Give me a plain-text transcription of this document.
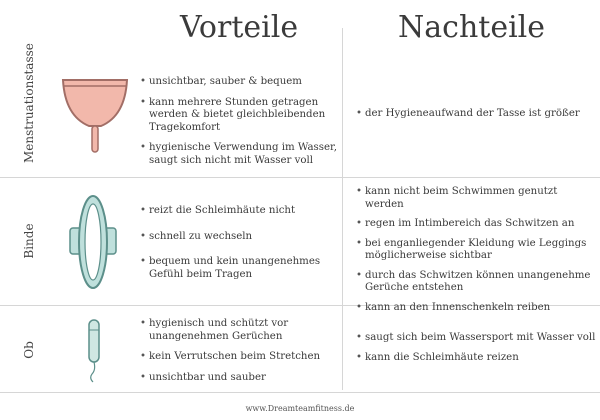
Vorteile	Nachteile
Menstruationstasse
•	unsichtbar, sauber & bequem
• kann mehrere Stunden getragen werden & bietet gleichbleibenden Tragekomfort
• hygienische Verwendung im Wasser, saugt sich nicht mit Wasser voll
• der Hygieneaufwand der Tasse ist größer
Binde
• reizt die Schleimhäute nicht
• schnell zu wechseln
• bequem und kein unangenehmes Gefühl beim Tragen
• kann nicht beim Schwimmen genutzt werden
• regen im Intimbereich das Schwitzen an
• bei enganliegender Kleidung wie Leggings möglicherweise sichtbar
• durch das Schwitzen können unangenehme Gerüche entstehen
• kann an den Innenschenkeln reiben
Ob
• hygienisch und schützt vor unangenehmen Gerüchen
• kein Verrutschen beim Stretchen
• unsichtbar und sauber
• saugt sich beim Wassersport mit Wasser voll
• kann die Schleimhäute reizen
www.Dreamteamfitness.de
